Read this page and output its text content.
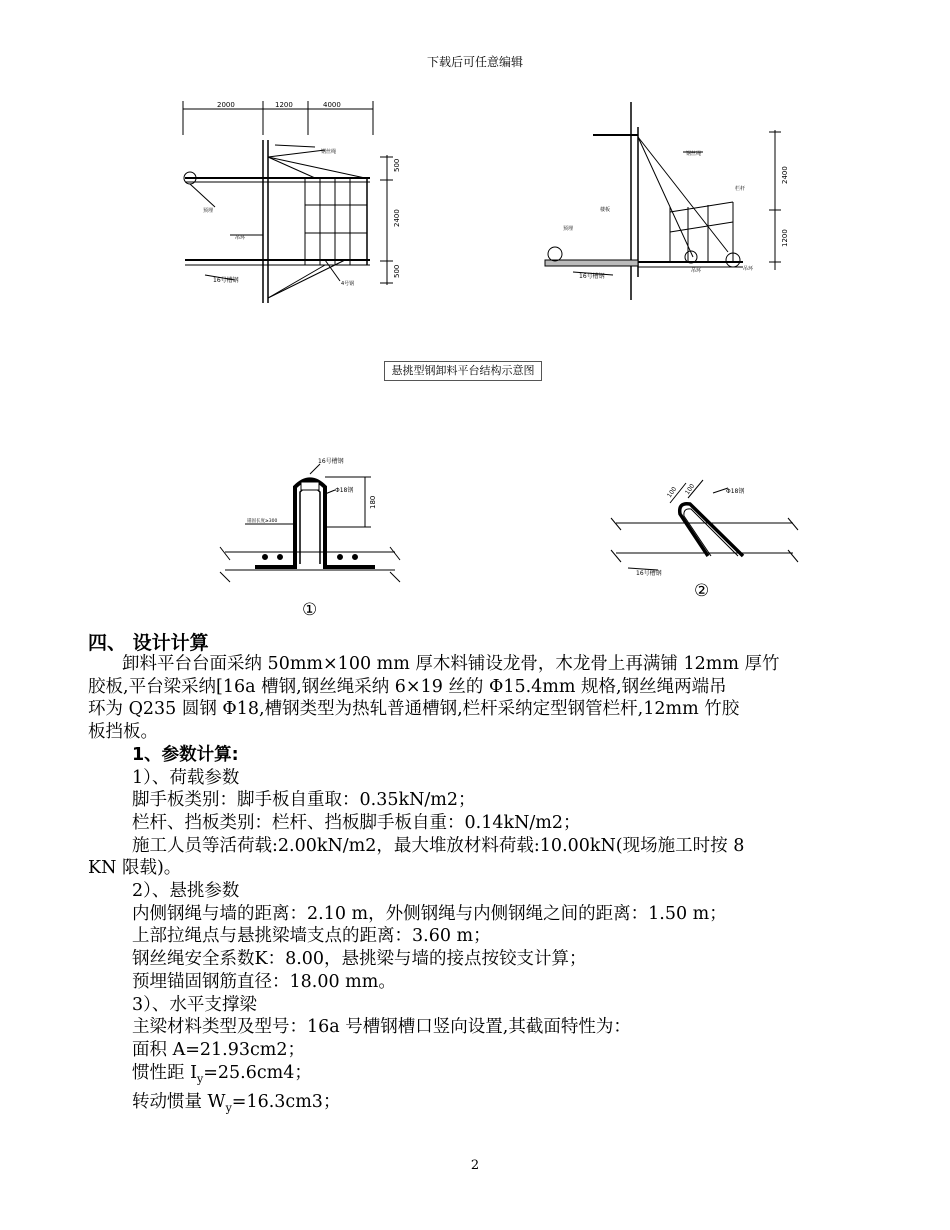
下载后可任意编辑
2000	1200	4000
钢丝绳
预埋
吊环
16号槽钢	4号钢
500
2400
500
钢丝绳
楼板
栏杆
预埋
16号槽钢
吊环	吊环
2400
1200
悬挑型钢卸料平台结构示意图
16号槽钢
Φ18钢
180
锚固长度≥300
①
100 100	Φ18钢
16号槽钢
②
四、 设计计算

卸料平台台面采纳 50mm×100 mm 厚木料铺设龙骨，木龙骨上再满铺 12mm 厚竹

胶板,平台梁采纳[16a 槽钢,钢丝绳采纳 6×19 丝的 Φ15.4mm 规格,钢丝绳两端吊

环为 Q235 圆钢 Φ18,槽钢类型为热轧普通槽钢,栏杆采纳定型钢管栏杆,12mm 竹胶

板挡板。

1、参数计算:

1）、荷载参数

脚手板类别：脚手板自重取：0.35kN/m2；

栏杆、挡板类别：栏杆、挡板脚手板自重：0.14kN/m2；

施工人员等活荷载:2.00kN/m2，最大堆放材料荷载:10.00kN(现场施工时按 8

KN 限载)。

2）、悬挑参数

内侧钢绳与墙的距离：2.10 m，外侧钢绳与内侧钢绳之间的距离：1.50 m；

上部拉绳点与悬挑梁墙支点的距离：3.60 m；

钢丝绳安全系数K：8.00，悬挑梁与墙的接点按铰支计算；

预埋锚固钢筋直径：18.00 mm。

3）、水平支撑梁

主梁材料类型及型号：16a 号槽钢槽口竖向设置,其截面特性为：

面积 A=21.93cm2；

惯性距 $I_y=25.6cm4$；

转动惯量 $W_y=16.3cm3$；

2
